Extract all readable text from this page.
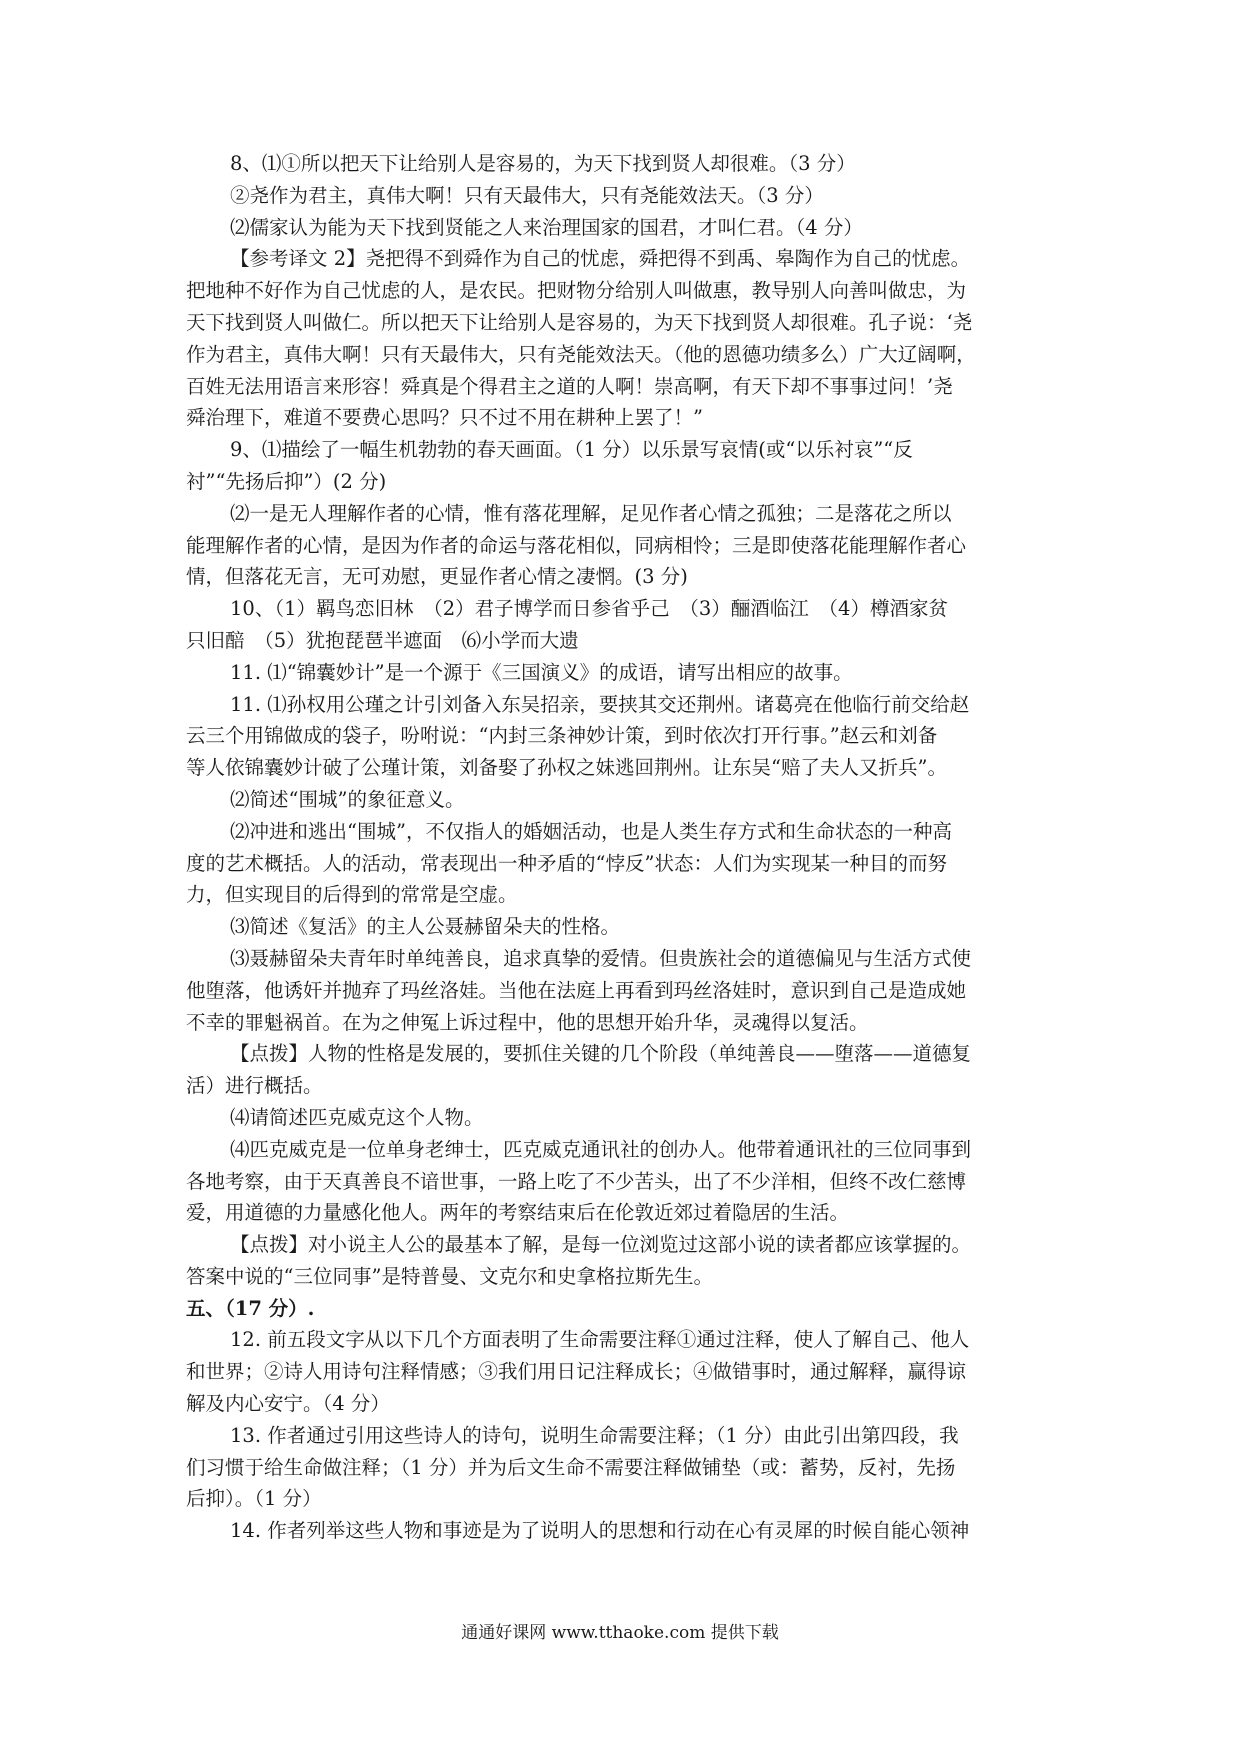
8、⑴①所以把天下让给别人是容易的，为天下找到贤人却很难。（3 分）
②尧作为君主，真伟大啊！只有天最伟大，只有尧能效法天。（3 分）
⑵儒家认为能为天下找到贤能之人来治理国家的国君，才叫仁君。（4 分）
【参考译文 2】尧把得不到舜作为自己的忧虑，舜把得不到禹、皋陶作为自己的忧虑。
把地种不好作为自己忧虑的人，是农民。把财物分给别人叫做惠，教导别人向善叫做忠，为
天下找到贤人叫做仁。所以把天下让给别人是容易的，为天下找到贤人却很难。孔子说：‘尧
作为君主，真伟大啊！只有天最伟大，只有尧能效法天。（他的恩德功绩多么）广大辽阔啊，
百姓无法用语言来形容！舜真是个得君主之道的人啊！崇高啊，有天下却不事事过问！’尧
舜治理下，难道不要费心思吗？只不过不用在耕种上罢了！”
9、⑴描绘了一幅生机勃勃的春天画面。（1 分）以乐景写哀情(或“以乐衬哀”“反
衬”“先扬后抑”）(2 分)
⑵一是无人理解作者的心情，惟有落花理解，足见作者心情之孤独；二是落花之所以
能理解作者的心情，是因为作者的命运与落花相似，同病相怜；三是即使落花能理解作者心
情，但落花无言，无可劝慰，更显作者心情之凄惘。(3 分)
10、（1）羁鸟恋旧林　（2）君子博学而日参省乎己　（3）酾酒临江　（4）樽酒家贫
只旧醅　（5）犹抱琵琶半遮面　⑹小学而大遗
11. ⑴“锦囊妙计”是一个源于《三国演义》的成语，请写出相应的故事。
11. ⑴孙权用公瑾之计引刘备入东吴招亲，要挟其交还荆州。诸葛亮在他临行前交给赵
云三个用锦做成的袋子，吩咐说：“内封三条神妙计策，到时依次打开行事。”赵云和刘备
等人依锦囊妙计破了公瑾计策，刘备娶了孙权之妹逃回荆州。让东吴“赔了夫人又折兵”。
⑵简述“围城”的象征意义。
⑵冲进和逃出“围城”，不仅指人的婚姻活动，也是人类生存方式和生命状态的一种高
度的艺术概括。人的活动，常表现出一种矛盾的“悖反”状态：人们为实现某一种目的而努
力，但实现目的后得到的常常是空虚。
⑶简述《复活》的主人公聂赫留朵夫的性格。
⑶聂赫留朵夫青年时单纯善良，追求真挚的爱情。但贵族社会的道德偏见与生活方式使
他堕落，他诱奸并抛弃了玛丝洛娃。当他在法庭上再看到玛丝洛娃时，意识到自己是造成她
不幸的罪魁祸首。在为之伸冤上诉过程中，他的思想开始升华，灵魂得以复活。
【点拨】人物的性格是发展的，要抓住关键的几个阶段（单纯善良——堕落——道德复
活）进行概括。
⑷请简述匹克威克这个人物。
⑷匹克威克是一位单身老绅士，匹克威克通讯社的创办人。他带着通讯社的三位同事到
各地考察，由于天真善良不谙世事，一路上吃了不少苦头，出了不少洋相，但终不改仁慈博
爱，用道德的力量感化他人。两年的考察结束后在伦敦近郊过着隐居的生活。
【点拨】对小说主人公的最基本了解，是每一位浏览过这部小说的读者都应该掌握的。
答案中说的“三位同事”是特普曼、文克尔和史拿格拉斯先生。
五、（17 分）.
12. 前五段文字从以下几个方面表明了生命需要注释①通过注释，使人了解自己、他人
和世界；②诗人用诗句注释情感；③我们用日记注释成长；④做错事时，通过解释，赢得谅
解及内心安宁。（4 分）
13. 作者通过引用这些诗人的诗句，说明生命需要注释；（1 分）由此引出第四段，我
们习惯于给生命做注释；（1 分）并为后文生命不需要注释做铺垫（或：蓄势，反衬，先扬
后抑）。（1 分）
14. 作者列举这些人物和事迹是为了说明人的思想和行动在心有灵犀的时候自能心领神
通通好课网 www.tthaoke.com 提供下载
